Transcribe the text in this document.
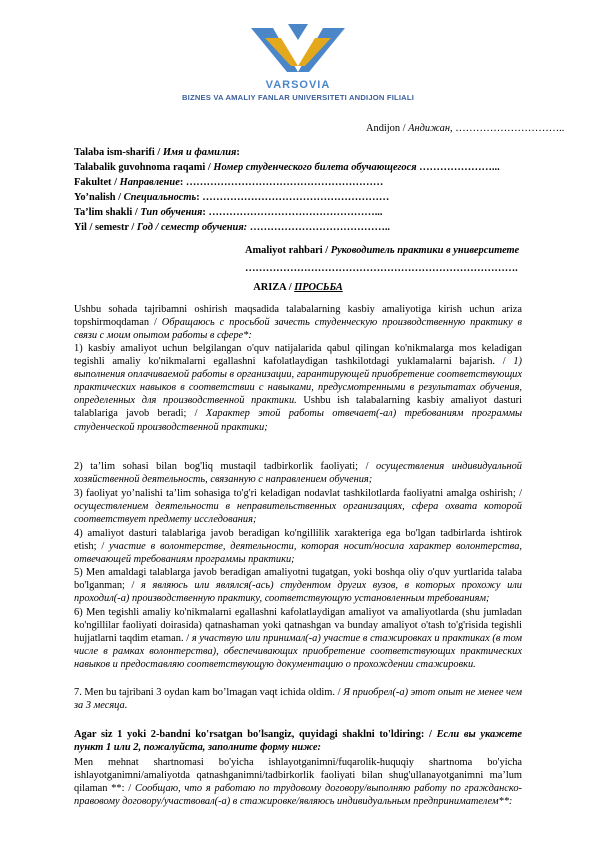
VARSOVIA
BIZNES VA AMALIY FANLAR UNIVERSITETI ANDIJON FILIALI
Andijon / Андижан, …………………………..
Talaba ism-sharifi / Имя и фамилия:
Talabalik guvohnoma raqami / Номер студенческого билета обучающегося …………………...
Fakultet / Направление: …………………………………………………
Yo’nalish / Специальность: ………………………………………………
Ta’lim shakli / Тип обучения: …………………………………………...
Yil / semestr / Год / семестр обучения: …………………………………..
Amaliyot rahbari / Руководитель практики в университете
…………………………………………………………………….
ARIZA / ПРОСЬБА
Ushbu sohada tajribamni oshirish maqsadida talabalarning kasbiy amaliyotiga kirish uchun ariza topshirmoqdaman / Обращаюсь с просьбой зачесть студенческую производственную практику в связи с моим опытом работы в сфере*:
1) kasbiy amaliyot uchun belgilangan o'quv natijalarida qabul qilingan ko'nikmalarga mos keladigan tegishli amaliy ko'nikmalarni egallashni kafolatlaydigan tashkilotdagi yuklamalarni bajarish. / 1) выполнения оплачиваемой работы в организации, гарантирующей приобретение соответствующих практических навыков в соответствии с навыками, предусмотренными в результатах обучения, определенных для производственной практики. Ushbu ish talabalarning kasbiy amaliyot dasturi talablariga javob beradi; / Характер этой работы отвечает(-ал) требованиям программы студенческой производственной практики;
2) ta’lim sohasi bilan bog'liq mustaqil tadbirkorlik faoliyati; / осуществления индивидуальной хозяйственной деятельность, связанную с направлением обучения;
3) faoliyat yo’nalishi ta’lim sohasiga to'g'ri keladigan nodavlat tashkilotlarda faoliyatni amalga oshirish; / осуществлением деятельности в неправительственных организациях, сфера охвата которой соответствует предмету исследования;
4) amaliyot dasturi talablariga javob beradigan ko'ngillilik xarakteriga ega bo'lgan tadbirlarda ishtirok etish; / участие в волонтерстве, деятельности, которая носит/носила характер волонтерства, отвечающей требованиям программы практики;
5) Men amaldagi talablarga javob beradigan amaliyotni tugatgan, yoki boshqa oliy o'quv yurtlarida talaba bo'lganman; / я являюсь или являлся(-ась) студентом других вузов, в которых прохожу или проходил(-а) производственную практику, соответствующую установленным требованиям;
6) Men tegishli amaliy ko'nikmalarni egallashni kafolatlaydigan amaliyot va amaliyotlarda (shu jumladan ko'ngillilar faoliyati doirasida) qatnashaman yoki qatnashgan va bunday amaliyot o'tash to'g'risida tegishli hujjatlarni taqdim etaman. / я участвую или принимал(-а) участие в стажировках и практиках (в том числе в рамках волонтерства), обеспечивающих приобретение соответствующих практических навыков и предоставляю соответствующую документацию о прохождении стажировки.
7. Men bu tajribani 3 oydan kam bo’lmagan vaqt ichida oldim. / Я приобрел(-а) этот опыт не менее чем за 3 месяца.
Agar siz 1 yoki 2-bandni ko'rsatgan bo'lsangiz, quyidagi shaklni to'ldiring: / Если вы укажете пункт 1 или 2, пожалуйста, заполните форму ниже:
Men mehnat shartnomasi bo'yicha ishlayotganimni/fuqarolik-huquqiy shartnoma bo'yicha ishlayotganimni/amaliyotda qatnashganimni/tadbirkorlik faoliyati bilan shug'ullanayotganimni ma’lum qilaman **: / Сообщаю, что я работаю по трудовому договору/выполняю работу по гражданско-правовому договору/участвовал(-а) в стажировке/являюсь индивидуальным предпринимателем**:
